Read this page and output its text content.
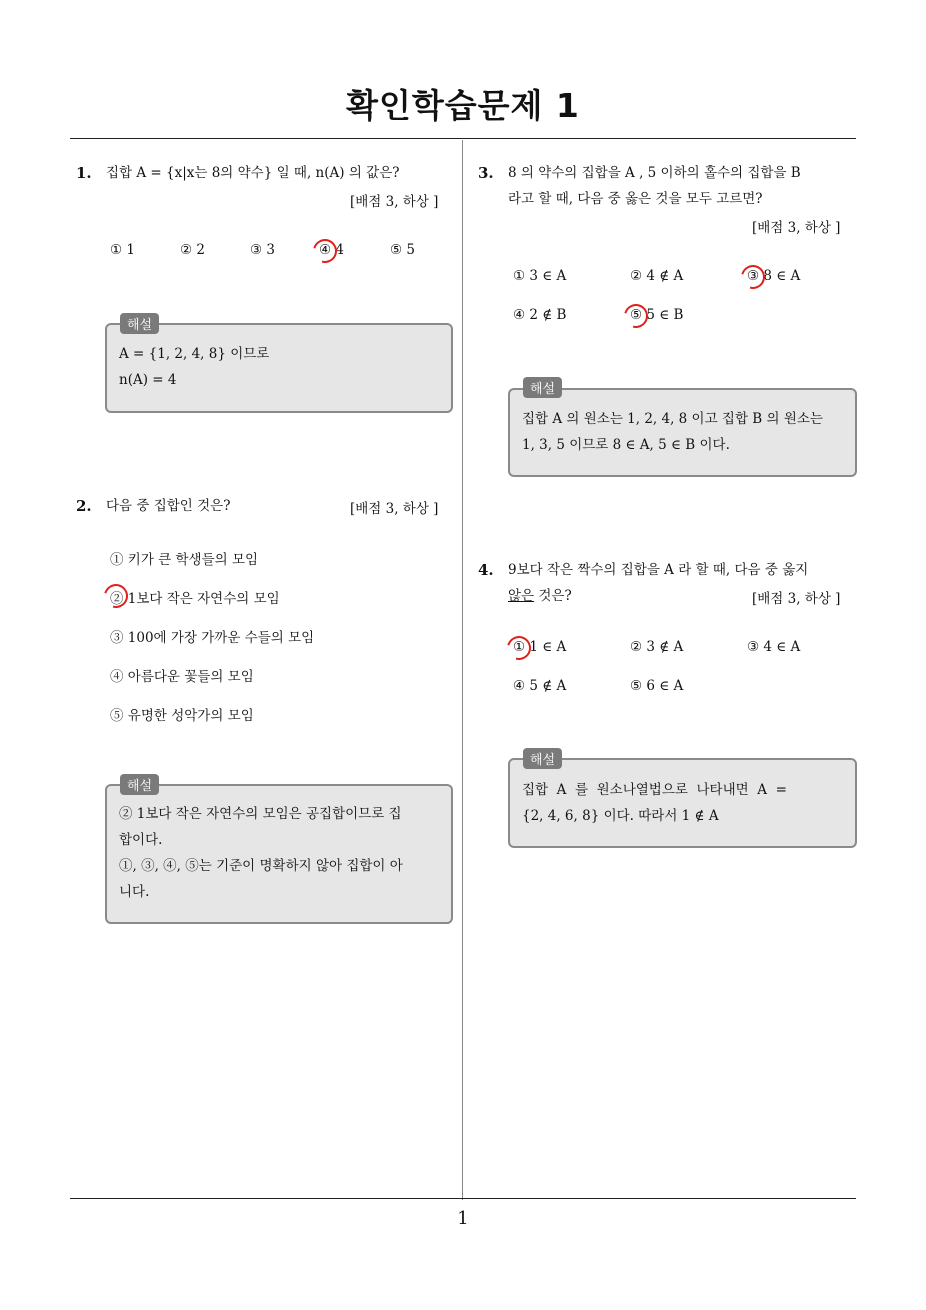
확인학습문제 1
1. 집합 A = {x|x는 8의 약수} 일 때, n(A) 의 값은?
[배점 3, 하상 ]
① 1	② 2	③ 3	④ 4	⑤ 5
해설
A = {1, 2, 4, 8} 이므로
n(A) = 4
2. 다음 중 집합인 것은?	[배점 3, 하상 ]
① 키가 큰 학생들의 모임
② 1보다 작은 자연수의 모임
③ 100에 가장 가까운 수들의 모임
④ 아름다운 꽃들의 모임
⑤ 유명한 성악가의 모임
해설
② 1보다 작은 자연수의 모임은 공집합이므로 집
합이다.
①, ③, ④, ⑤는 기준이 명확하지 않아 집합이 아
니다.
3. 8 의 약수의 집합을 A , 5 이하의 홀수의 집합을 B
라고 할 때, 다음 중 옳은 것을 모두 고르면?
[배점 3, 하상 ]
① 3 ∈ A	② 4 ∉ A	③ 8 ∈ A
④ 2 ∉ B	⑤ 5 ∈ B
해설
집합 A 의 원소는 1, 2, 4, 8 이고 집합 B 의 원소는
1, 3, 5 이므로 8 ∈ A, 5 ∈ B 이다.
4. 9보다 작은 짝수의 집합을 A 라 할 때, 다음 중 옳지
않은 것은?	[배점 3, 하상 ]
① 1 ∈ A	② 3 ∉ A	③ 4 ∈ A
④ 5 ∉ A	⑤ 6 ∈ A
해설
집합  A  를  원소나열법으로  나타내면  A  =
{2, 4, 6, 8} 이다. 따라서 1 ∉ A
1
